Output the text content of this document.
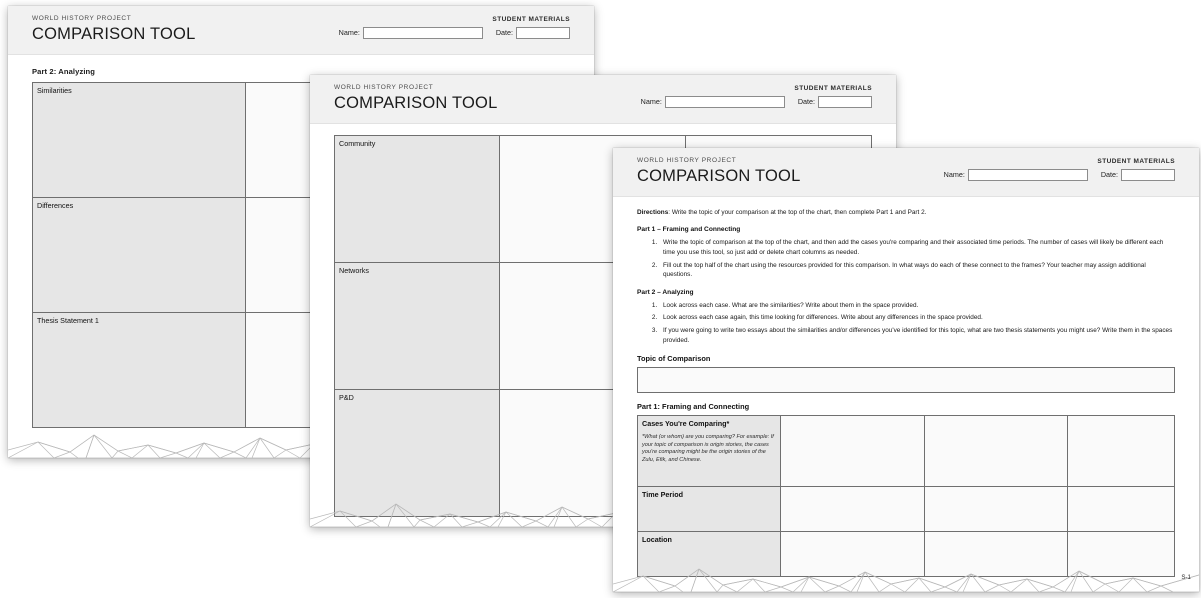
WORLD HISTORY PROJECT
COMPARISON TOOL
STUDENT MATERIALS
Name:	Date:
Part 2: Analyzing
Similarities	

Differences	

Thesis Statement 1	

WORLD HISTORY PROJECT
COMPARISON TOOL
STUDENT MATERIALS
Name:	Date:
Community		

Networks		

P&D		

WORLD HISTORY PROJECT
COMPARISON TOOL
STUDENT MATERIALS
Name:	Date:

Directions: Write the topic of your comparison at the top of the chart, then complete Part 1 and Part 2.

Part 1 – Framing and Connecting
1. Write the topic of comparison at the top of the chart, and then add the cases you're comparing and their associated time periods. The number of cases will likely be different each time you use this tool, so just add or delete chart columns as needed.
2. Fill out the top half of the chart using the resources provided for this comparison. In what ways do each of these connect to the frames? Your teacher may assign additional questions.
Part 2 – Analyzing
1. Look across each case. What are the similarities? Write about them in the space provided.
2. Look across each case again, this time looking for differences. Write about any differences in the space provided.
3. If you were going to write two essays about the similarities and/or differences you've identified for this topic, what are two thesis statements you might use? Write them in the spaces provided.
Topic of Comparison
Part 1: Framing and Connecting
Cases You're Comparing*
*What (or whom) are you comparing? For example: If your topic of comparison is origin stories, the cases you're comparing might be the origin stories of the Zulu, Efik, and Chinese.			

Time Period			

Location			

S-1
